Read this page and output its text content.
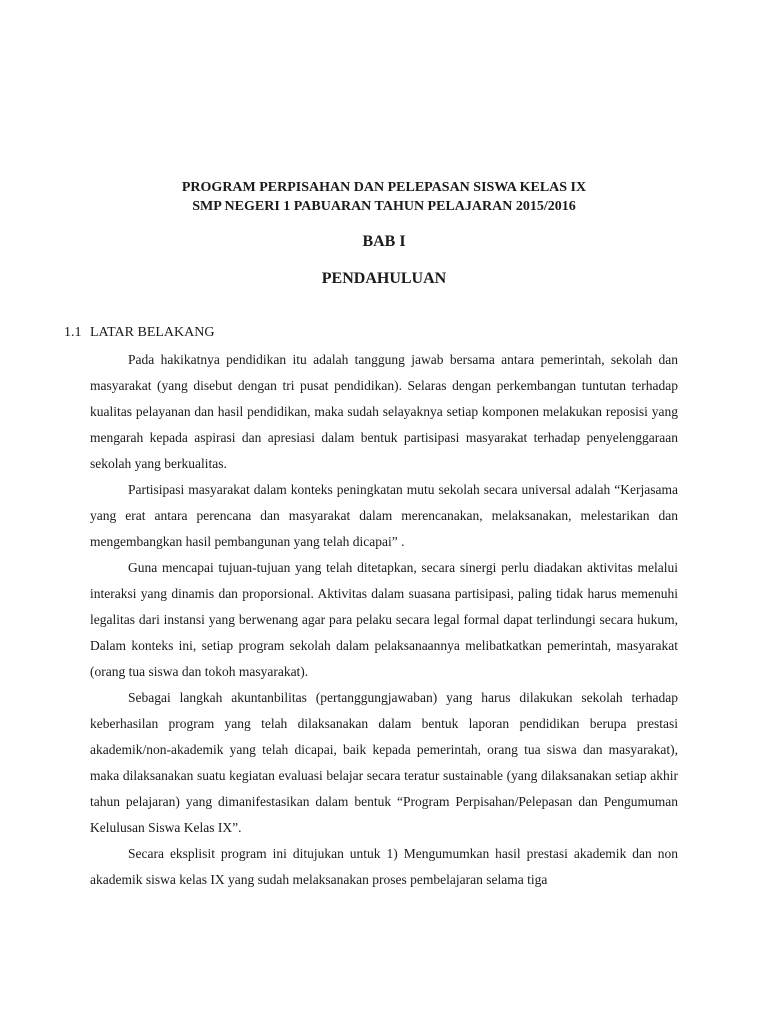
PROGRAM PERPISAHAN DAN PELEPASAN SISWA KELAS IX
SMP NEGERI 1 PABUARAN TAHUN PELAJARAN 2015/2016
BAB I
PENDAHULUAN
1.1 LATAR BELAKANG

Pada hakikatnya pendidikan itu adalah tanggung jawab bersama antara pemerintah, sekolah dan masyarakat (yang disebut dengan tri pusat pendidikan). Selaras dengan perkembangan tuntutan terhadap kualitas pelayanan dan hasil pendidikan, maka sudah selayaknya setiap komponen melakukan reposisi yang mengarah kepada aspirasi dan apresiasi dalam bentuk partisipasi masyarakat terhadap penyelenggaraan sekolah yang berkualitas.

Partisipasi masyarakat dalam konteks peningkatan mutu sekolah secara universal adalah “Kerjasama yang erat antara perencana dan masyarakat dalam merencanakan, melaksanakan, melestarikan dan mengembangkan hasil pembangunan yang telah dicapai” .

Guna mencapai tujuan-tujuan yang telah ditetapkan, secara sinergi perlu diadakan aktivitas melalui interaksi yang dinamis dan proporsional. Aktivitas dalam suasana partisipasi, paling tidak harus memenuhi legalitas dari instansi yang berwenang agar para pelaku secara legal formal dapat terlindungi secara hukum, Dalam konteks ini, setiap program sekolah dalam pelaksanaannya melibatkatkan pemerintah, masyarakat (orang tua siswa dan tokoh masyarakat).

Sebagai langkah akuntanbilitas (pertanggungjawaban) yang harus dilakukan sekolah terhadap keberhasilan program yang telah dilaksanakan dalam bentuk laporan pendidikan berupa prestasi akademik/non-akademik yang telah dicapai, baik kepada pemerintah, orang tua siswa dan masyarakat), maka dilaksanakan suatu kegiatan evaluasi belajar secara teratur sustainable (yang dilaksanakan setiap akhir tahun pelajaran) yang dimanifestasikan dalam bentuk “Program Perpisahan/Pelepasan dan Pengumuman Kelulusan Siswa Kelas IX”.

Secara eksplisit program ini ditujukan untuk 1) Mengumumkan hasil prestasi akademik dan non akademik siswa kelas IX yang sudah melaksanakan proses pembelajaran selama tiga
